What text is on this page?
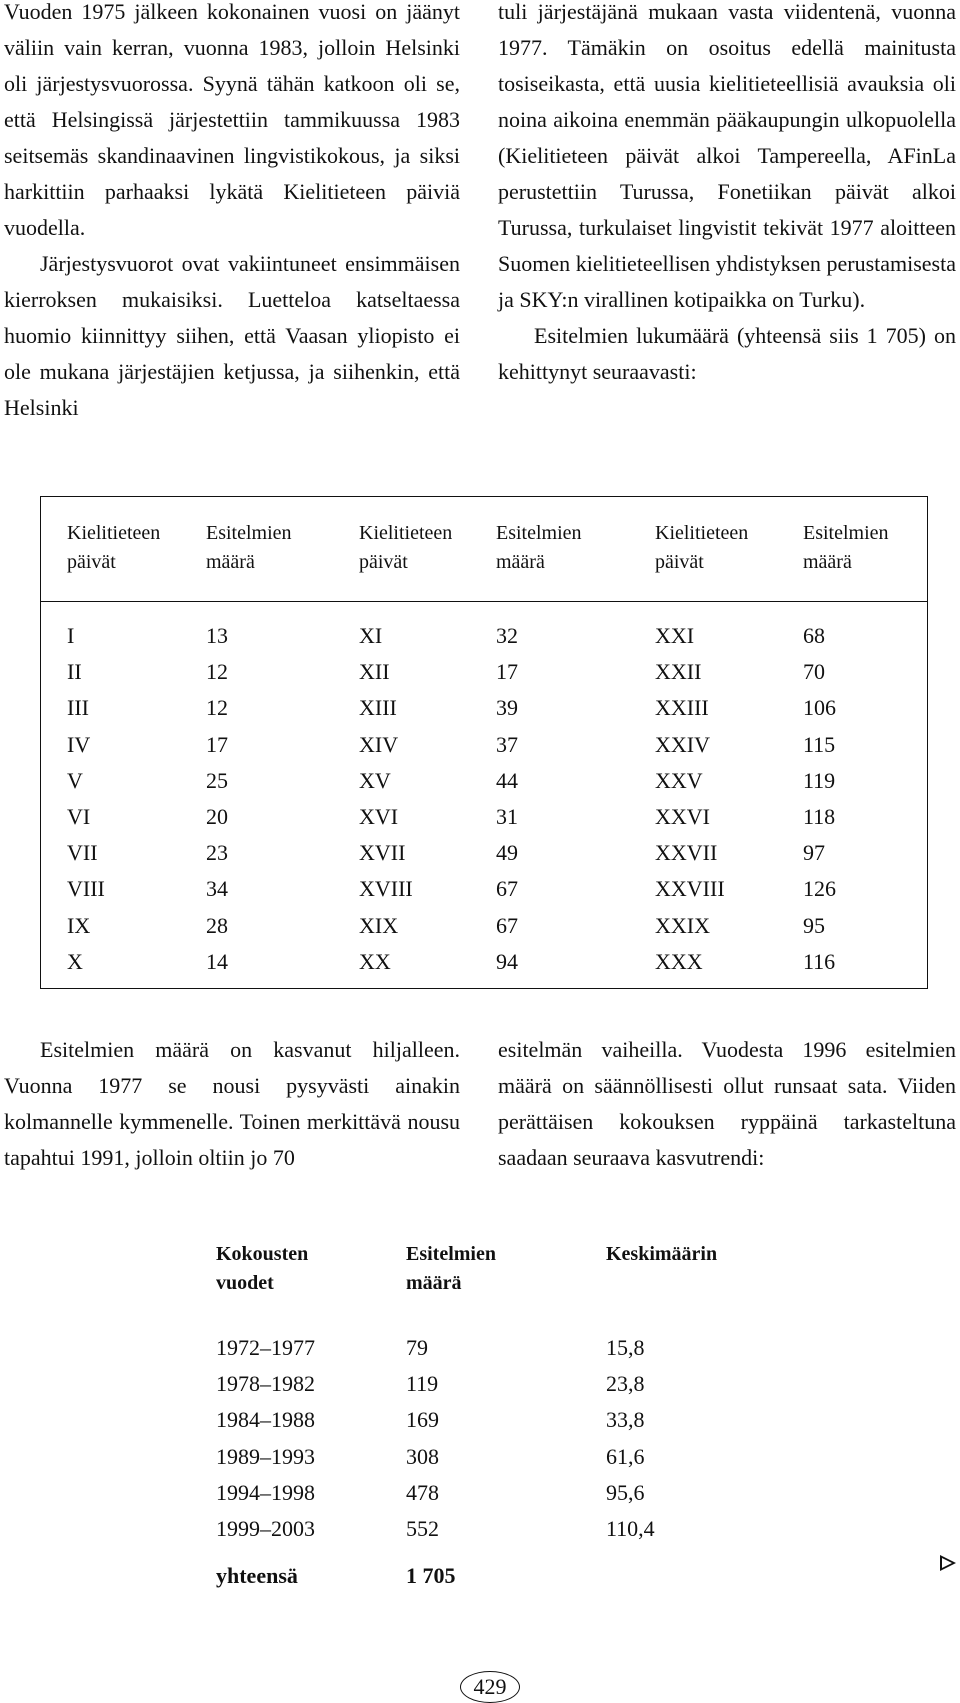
Vuoden 1975 jälkeen kokonainen vuosi on jäänyt väliin vain kerran, vuonna 1983, jolloin Helsinki oli järjestysvuorossa. Syynä tähän katkoon oli se, että Helsingissä järjestettiin tammikuussa 1983 seitsemäs skandinaavinen lingvistikokous, ja siksi harkittiin parhaaksi lykätä Kielitieteen päiviä vuodella.

Järjestysvuorot ovat vakiintuneet ensimmäisen kierroksen mukaisiksi. Luetteloa katseltaessa huomio kiinnittyy siihen, että Vaasan yliopisto ei ole mukana järjestäjien ketjussa, ja siihenkin, että Helsinki

tuli järjestäjänä mukaan vasta viidentenä, vuonna 1977. Tämäkin on osoitus edellä mainitusta tosiseikasta, että uusia kielitieteellisiä avauksia oli noina aikoina enemmän pääkaupungin ulkopuolella (Kielitieteen päivät alkoi Tampereella, AFinLa perustettiin Turussa, Fonetiikan päivät alkoi Turussa, turkulaiset lingvistit tekivät 1977 aloitteen Suomen kielitieteellisen yhdistyksen perustamisesta ja SKY:n virallinen kotipaikka on Turku).

Esitelmien lukumäärä (yhteensä siis 1 705) on kehittynyt seuraavasti:

Kielitieteen
päivät
Esitelmien
määrä
Kielitieteen
päivät
Esitelmien
määrä
Kielitieteen
päivät
Esitelmien
määrä
I
II
III
IV
V
VI
VII
VIII
IX
X
13
12
12
17
25
20
23
34
28
14
XI
XII
XIII
XIV
XV
XVI
XVII
XVIII
XIX
XX
32
17
39
37
44
31
49
67
67
94
XXI
XXII
XXIII
XXIV
XXV
XXVI
XXVII
XXVIII
XXIX
XXX
68
70
106
115
119
118
97
126
95
116

Esitelmien määrä on kasvanut hiljalleen. Vuonna 1977 se nousi pysyvästi ainakin kolmannelle kymmenelle. Toinen merkittävä nousu tapahtui 1991, jolloin oltiin jo 70

esitelmän vaiheilla. Vuodesta 1996 esitelmien määrä on säännöllisesti ollut runsaat sata. Viiden perättäisen kokouksen ryppäinä tarkasteltuna saadaan seuraava kasvutrendi:

Kokousten
vuodet
Esitelmien
määrä
Keskimäärin
1972–1977
1978–1982
1984–1988
1989–1993
1994–1998
1999–2003
79
119
169
308
478
552
15,8
23,8
33,8
61,6
95,6
110,4
yhteensä	1 705
429
